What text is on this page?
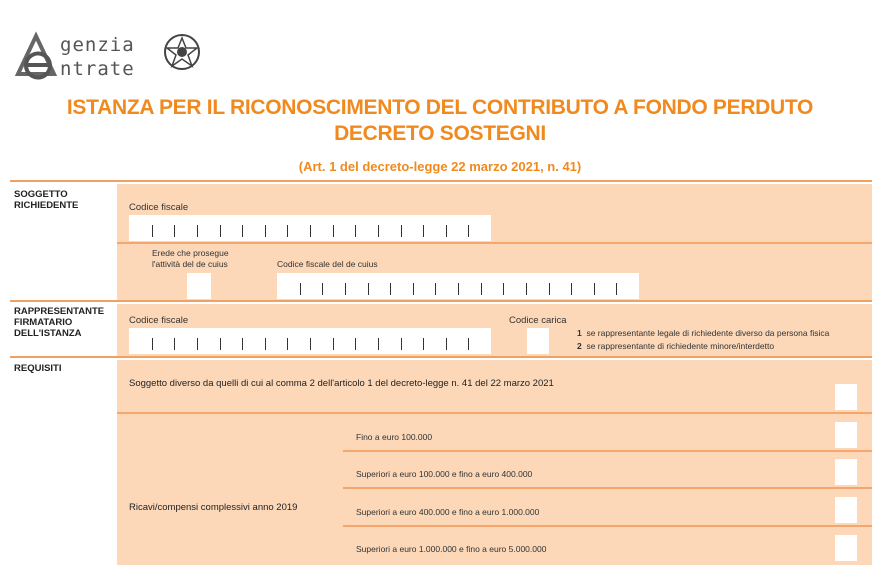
genzia
ntrate
ISTANZA PER IL RICONOSCIMENTO DEL CONTRIBUTO A FONDO PERDUTO
DECRETO SOSTEGNI
(Art. 1 del decreto-legge 22 marzo 2021, n. 41)
SOGGETTO
RICHIEDENTE	Codice fiscale
Erede che prosegue
l'attività del de cuius	Codice fiscale del de cuius
RAPPRESENTANTE
FIRMATARIO
DELL'ISTANZA
Codice fiscale	Codice carica
1 se rappresentante legale di richiedente diverso da persona fisica
2 se rappresentante di richiedente minore/interdetto
REQUISITI
Soggetto diverso da quelli di cui al comma 2 dell'articolo 1 del decreto-legge n. 41 del 22 marzo 2021
Ricavi/compensi complessivi anno 2019
Fino a euro 100.000
Superiori a euro 100.000 e fino a euro 400.000
Superiori a euro 400.000 e fino a euro 1.000.000
Superiori a euro 1.000.000 e fino a euro 5.000.000
